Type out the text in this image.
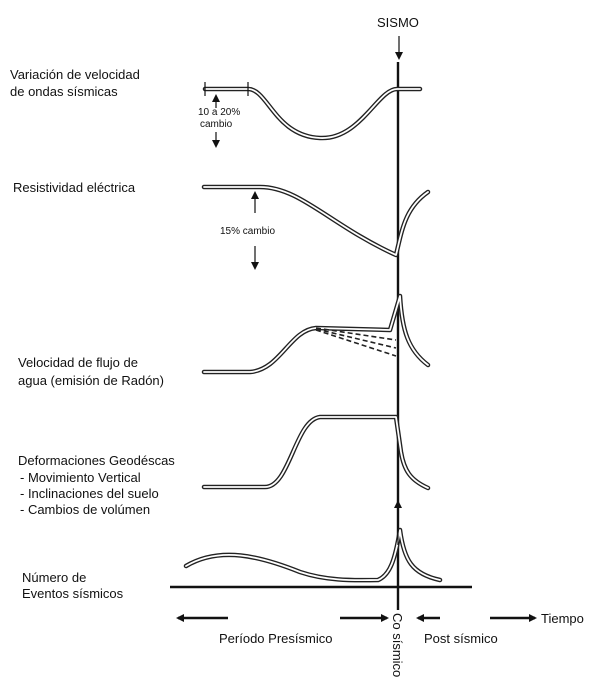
SISMO
Variación de velocidad
de ondas sísmicas
Resistividad eléctrica
Velocidad de flujo de
agua (emisión de Radón)
Deformaciones Geodéscas
- Movimiento Vertical
- Inclinaciones del suelo
- Cambios de volúmen
Número de
Eventos sísmicos
10 a 20%
cambio
15% cambio
Tiempo
Período Presísmico	Post sísmico
Co sísmico
